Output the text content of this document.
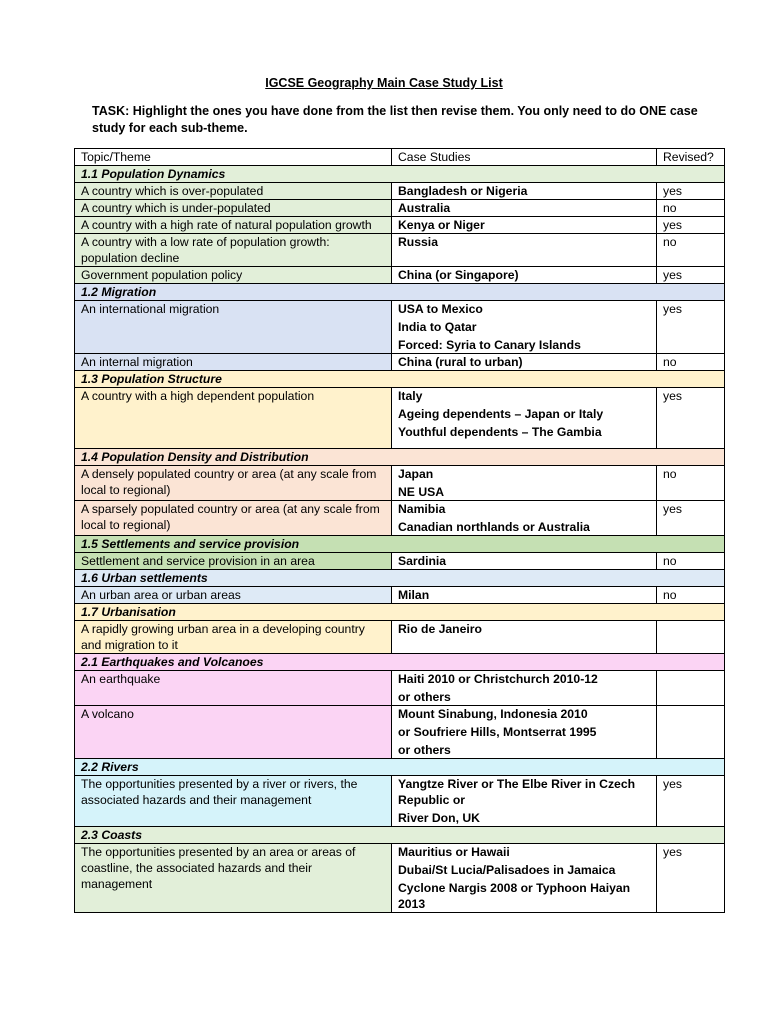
IGCSE Geography Main Case Study List
TASK: Highlight the ones you have done from the list then revise them. You only need to do ONE case study for each sub-theme.
Topic/Theme	Case Studies	Revised?
1.1 Population Dynamics		
A country which is over-populated	Bangladesh or Nigeria	yes
A country which is under-populated	Australia	no
A country with a high rate of natural population growth	Kenya or Niger	yes
A country with a low rate of population growth: population decline	Russia	no
Government population policy	China (or Singapore)	yes
1.2 Migration		
An international migration	USA to Mexico
India to Qatar
Forced: Syria to Canary Islands	yes
An internal migration	China (rural to urban)	no
1.3 Population Structure		
A country with a high dependent population	Italy
Ageing dependents – Japan or Italy
Youthful dependents – The Gambia	yes
1.4 Population Density and Distribution		
A densely populated country or area (at any scale from local to regional)	Japan
NE USA	no
A sparsely populated country or area (at any scale from local to regional)	Namibia
Canadian northlands or Australia	yes
1.5 Settlements and service provision		
Settlement and service provision in an area	Sardinia	no
1.6 Urban settlements		
An urban area or urban areas	Milan	no
1.7 Urbanisation		
A rapidly growing urban area in a developing country and migration to it	Rio de Janeiro	

2.1 Earthquakes and Volcanoes		
An earthquake	Haiti 2010 or Christchurch 2010-12
or others	

A volcano	Mount Sinabung, Indonesia 2010
or Soufriere Hills, Montserrat 1995
or others	

2.2 Rivers		
The opportunities presented by a river or rivers, the associated hazards and their management	Yangtze River or The Elbe River in Czech Republic or
River Don, UK	yes
2.3 Coasts		
The opportunities presented by an area or areas of coastline, the associated hazards and their management	Mauritius or Hawaii
Dubai/St Lucia/Palisadoes in Jamaica
Cyclone Nargis 2008 or Typhoon Haiyan 2013	yes
